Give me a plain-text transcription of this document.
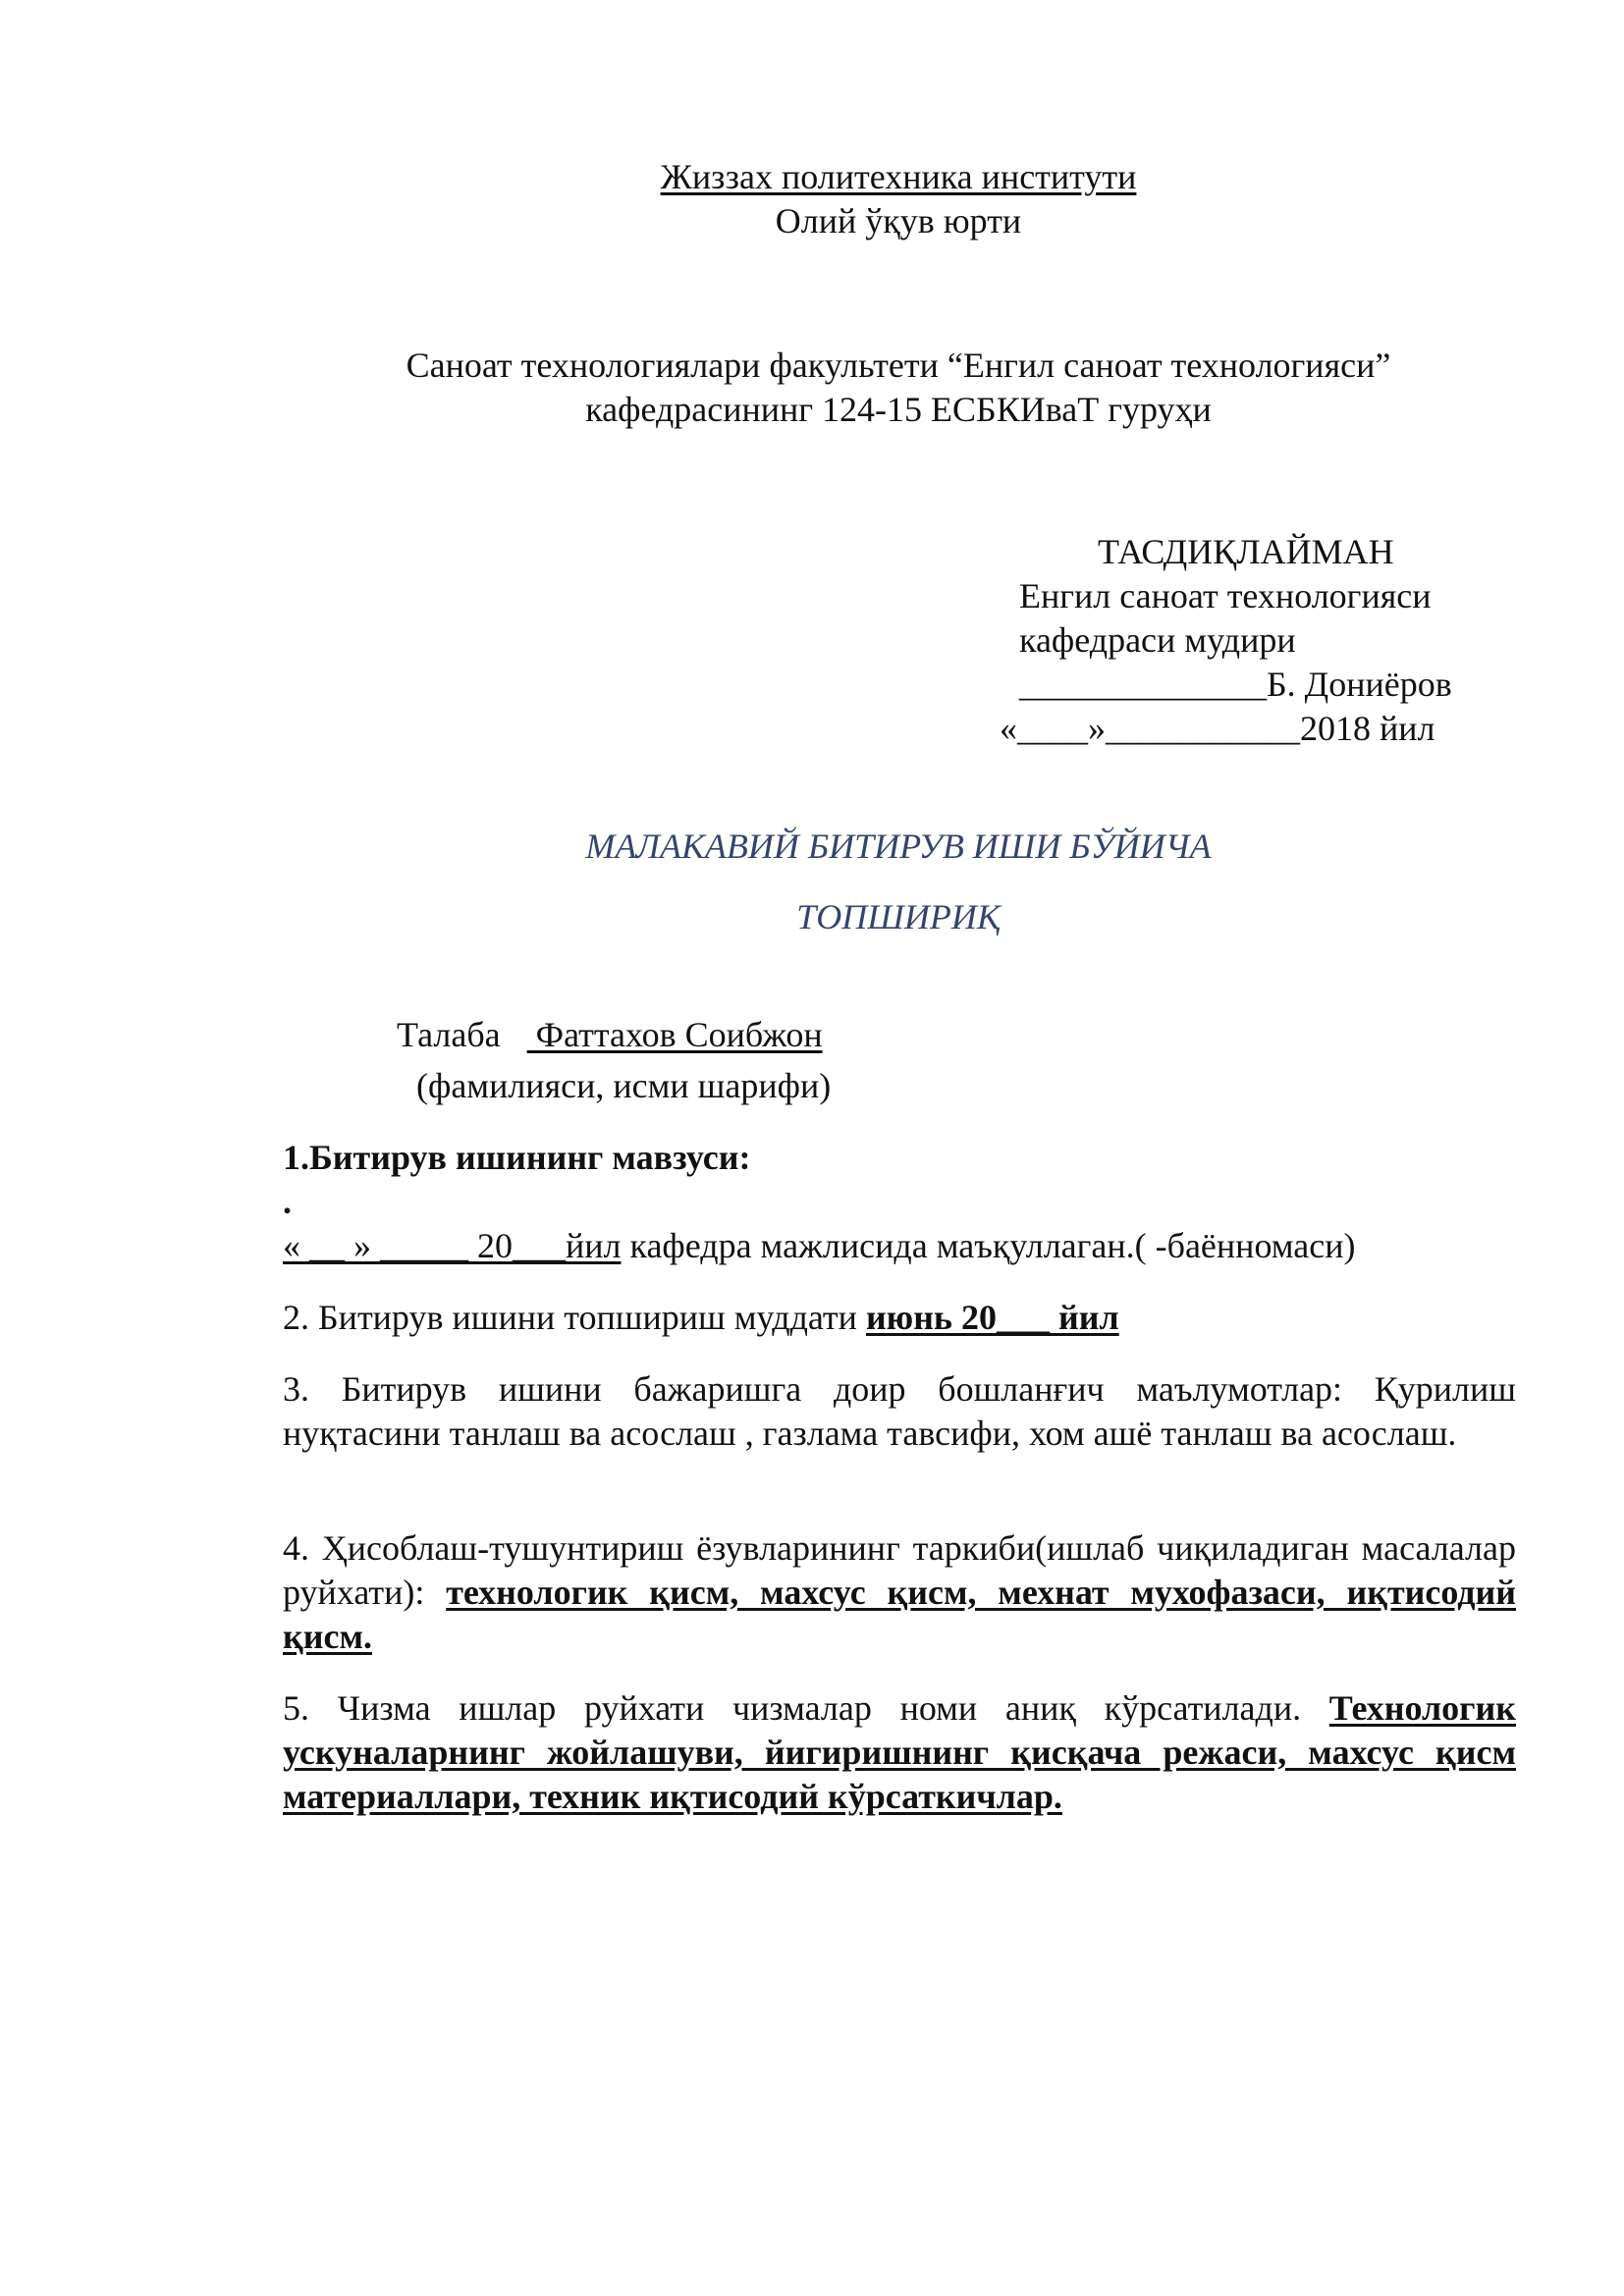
Жиззах политехника институти
Олий ўқув юрти
Саноат технологиялари факультети “Енгил саноат технологияси”
кафедрасининг 124-15 ЕСБКИваТ гуруҳи
ТАСДИҚЛАЙМАН
Енгил саноат технологияси
кафедраси мудири
______________Б. Дониёров
«____»___________2018 йил
МАЛАКАВИЙ БИТИРУВ ИШИ БЎЙИЧА
ТОПШИРИҚ
Талаба    Фаттахов Соибжон
(фамилияси, исми шарифи)
1.Битирув ишининг мавзуси:
.
« __ » _____ 20___йил кафедра мажлисида маъқуллаган.( -баённомаси)
2. Битирув ишини топшириш муддати июнь 20___ йил
3. Битирув ишини бажаришга доир бошланғич маълумотлар: Қурилиш нуқтасини танлаш ва асослаш , газлама тавсифи, хом ашё танлаш ва асослаш.
4. Ҳисоблаш-тушунтириш ёзувларининг таркиби(ишлаб чиқиладиган масалалар руйхати): технологик қисм, махсус қисм, мехнат мухофазаси, иқтисодий қисм.
5. Чизма ишлар руйхати чизмалар номи аниқ кўрсатилади. Технологик ускуналарнинг жойлашуви, йигиришнинг қисқача режаси, махсус қисм материаллари, техник иқтисодий кўрсаткичлар.
